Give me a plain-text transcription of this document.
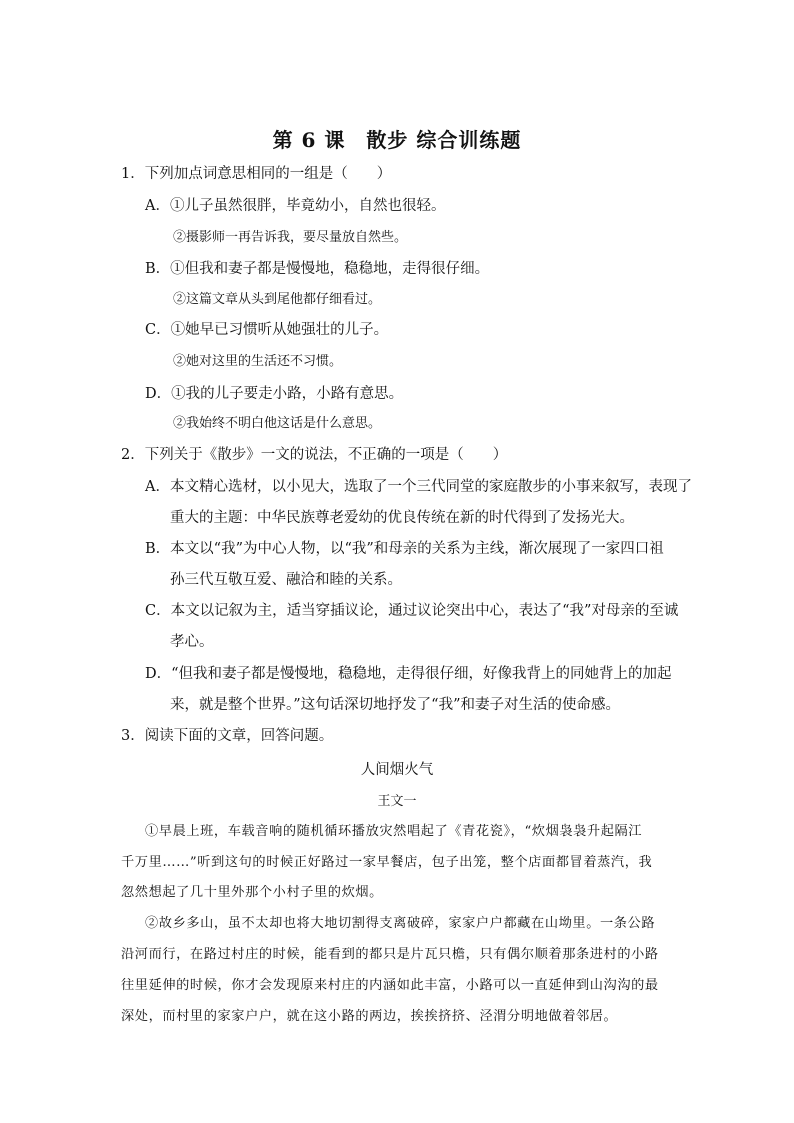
第 6 课　散步 综合训练题
1．下列加点词意思相同的一组是（　　）
A．①儿子虽然很胖，毕竟幼小，自然也很轻。
②摄影师一再告诉我，要尽量放自然些。
B．①但我和妻子都是慢慢地，稳稳地，走得很仔细。
②这篇文章从头到尾他都仔细看过。
C．①她早已习惯听从她强壮的儿子。
②她对这里的生活还不习惯。
D．①我的儿子要走小路，小路有意思。
②我始终不明白他这话是什么意思。
2．下列关于《散步》一文的说法，不正确的一项是（　　）
A．本文精心选材，以小见大，选取了一个三代同堂的家庭散步的小事来叙写，表现了
重大的主题：中华民族尊老爱幼的优良传统在新的时代得到了发扬光大。
B．本文以“我”为中心人物，以“我”和母亲的关系为主线，渐次展现了一家四口祖
孙三代互敬互爱、融洽和睦的关系。
C．本文以记叙为主，适当穿插议论，通过议论突出中心，表达了“我”对母亲的至诚
孝心。
D．“但我和妻子都是慢慢地，稳稳地，走得很仔细，好像我背上的同她背上的加起
来，就是整个世界。”这句话深切地抒发了“我”和妻子对生活的使命感。
3．阅读下面的文章，回答问题。
人间烟火气
王文一
①早晨上班，车载音响的随机循环播放灾然唱起了《青花瓷》，“炊烟袅袅升起隔江
千万里……”听到这句的时候正好路过一家早餐店，包子出笼，整个店面都冒着蒸汽，我
忽然想起了几十里外那个小村子里的炊烟。
②故乡多山，虽不太却也将大地切割得支离破碎，家家户户都藏在山坳里。一条公路
沿河而行，在路过村庄的时候，能看到的都只是片瓦只檐，只有偶尔顺着那条进村的小路
往里延伸的时候，你才会发现原来村庄的内涵如此丰富，小路可以一直延伸到山沟沟的最
深处，而村里的家家户户，就在这小路的两边，挨挨挤挤、泾渭分明地做着邻居。
